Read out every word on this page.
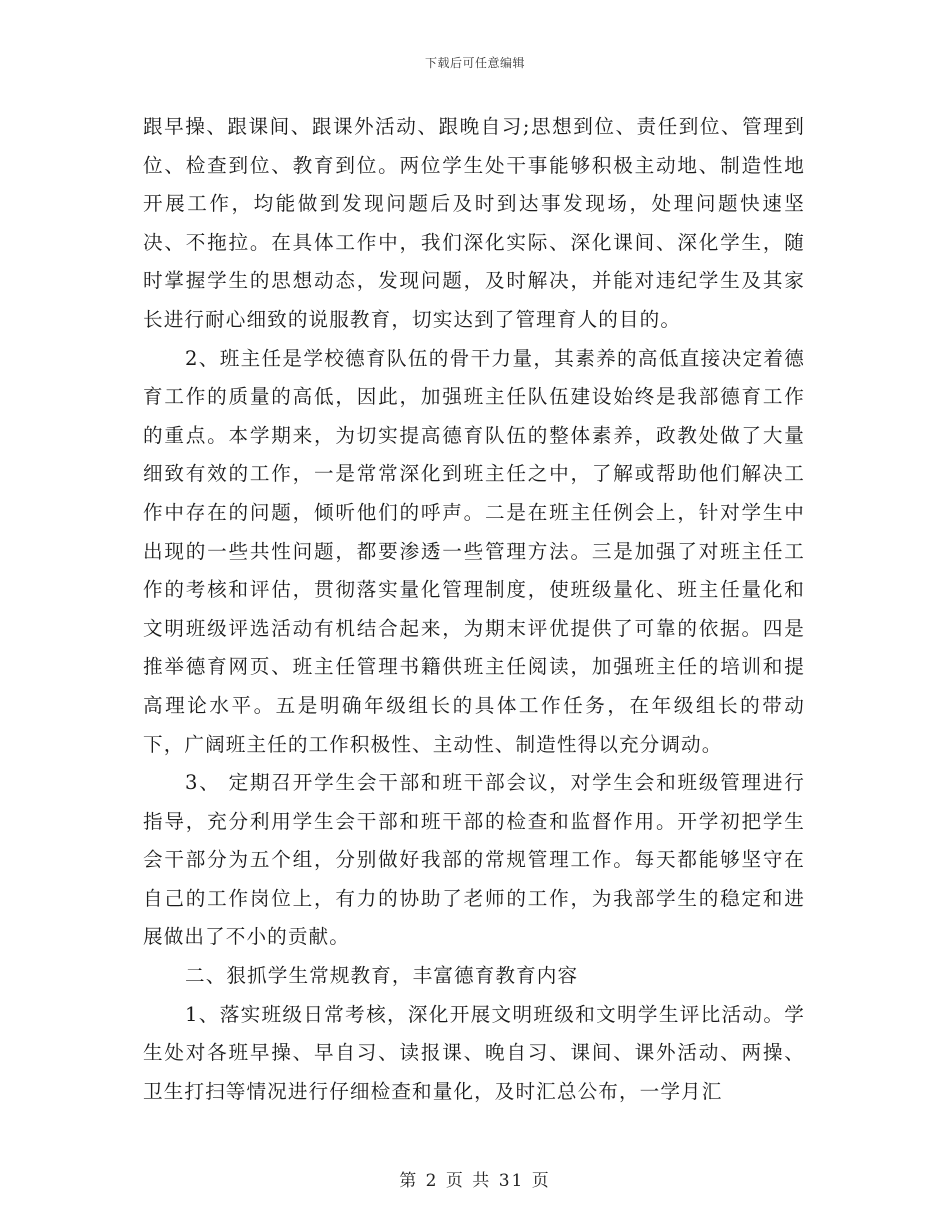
下载后可任意编辑

跟早操、跟课间、跟课外活动、跟晚自习;思想到位、责任到位、管理到位、检查到位、教育到位。两位学生处干事能够积极主动地、制造性地开展工作，均能做到发现问题后及时到达事发现场，处理问题快速坚决、不拖拉。在具体工作中，我们深化实际、深化课间、深化学生，随时掌握学生的思想动态，发现问题，及时解决，并能对违纪学生及其家长进行耐心细致的说服教育，切实达到了管理育人的目的。

2、班主任是学校德育队伍的骨干力量，其素养的高低直接决定着德育工作的质量的高低，因此，加强班主任队伍建设始终是我部德育工作的重点。本学期来，为切实提高德育队伍的整体素养，政教处做了大量细致有效的工作，一是常常深化到班主任之中，了解或帮助他们解决工作中存在的问题，倾听他们的呼声。二是在班主任例会上，针对学生中出现的一些共性问题，都要渗透一些管理方法。三是加强了对班主任工作的考核和评估，贯彻落实量化管理制度，使班级量化、班主任量化和文明班级评选活动有机结合起来，为期末评优提供了可靠的依据。四是推举德育网页、班主任管理书籍供班主任阅读，加强班主任的培训和提高理论水平。五是明确年级组长的具体工作任务，在年级组长的带动下，广阔班主任的工作积极性、主动性、制造性得以充分调动。

3、 定期召开学生会干部和班干部会议，对学生会和班级管理进行指导，充分利用学生会干部和班干部的检查和监督作用。开学初把学生会干部分为五个组，分别做好我部的常规管理工作。每天都能够坚守在自己的工作岗位上，有力的协助了老师的工作，为我部学生的稳定和进展做出了不小的贡献。

二、狠抓学生常规教育，丰富德育教育内容

1、落实班级日常考核，深化开展文明班级和文明学生评比活动。学生处对各班早操、早自习、读报课、晚自习、课间、课外活动、两操、卫生打扫等情况进行仔细检查和量化，及时汇总公布，一学月汇

第 2 页 共 31 页
